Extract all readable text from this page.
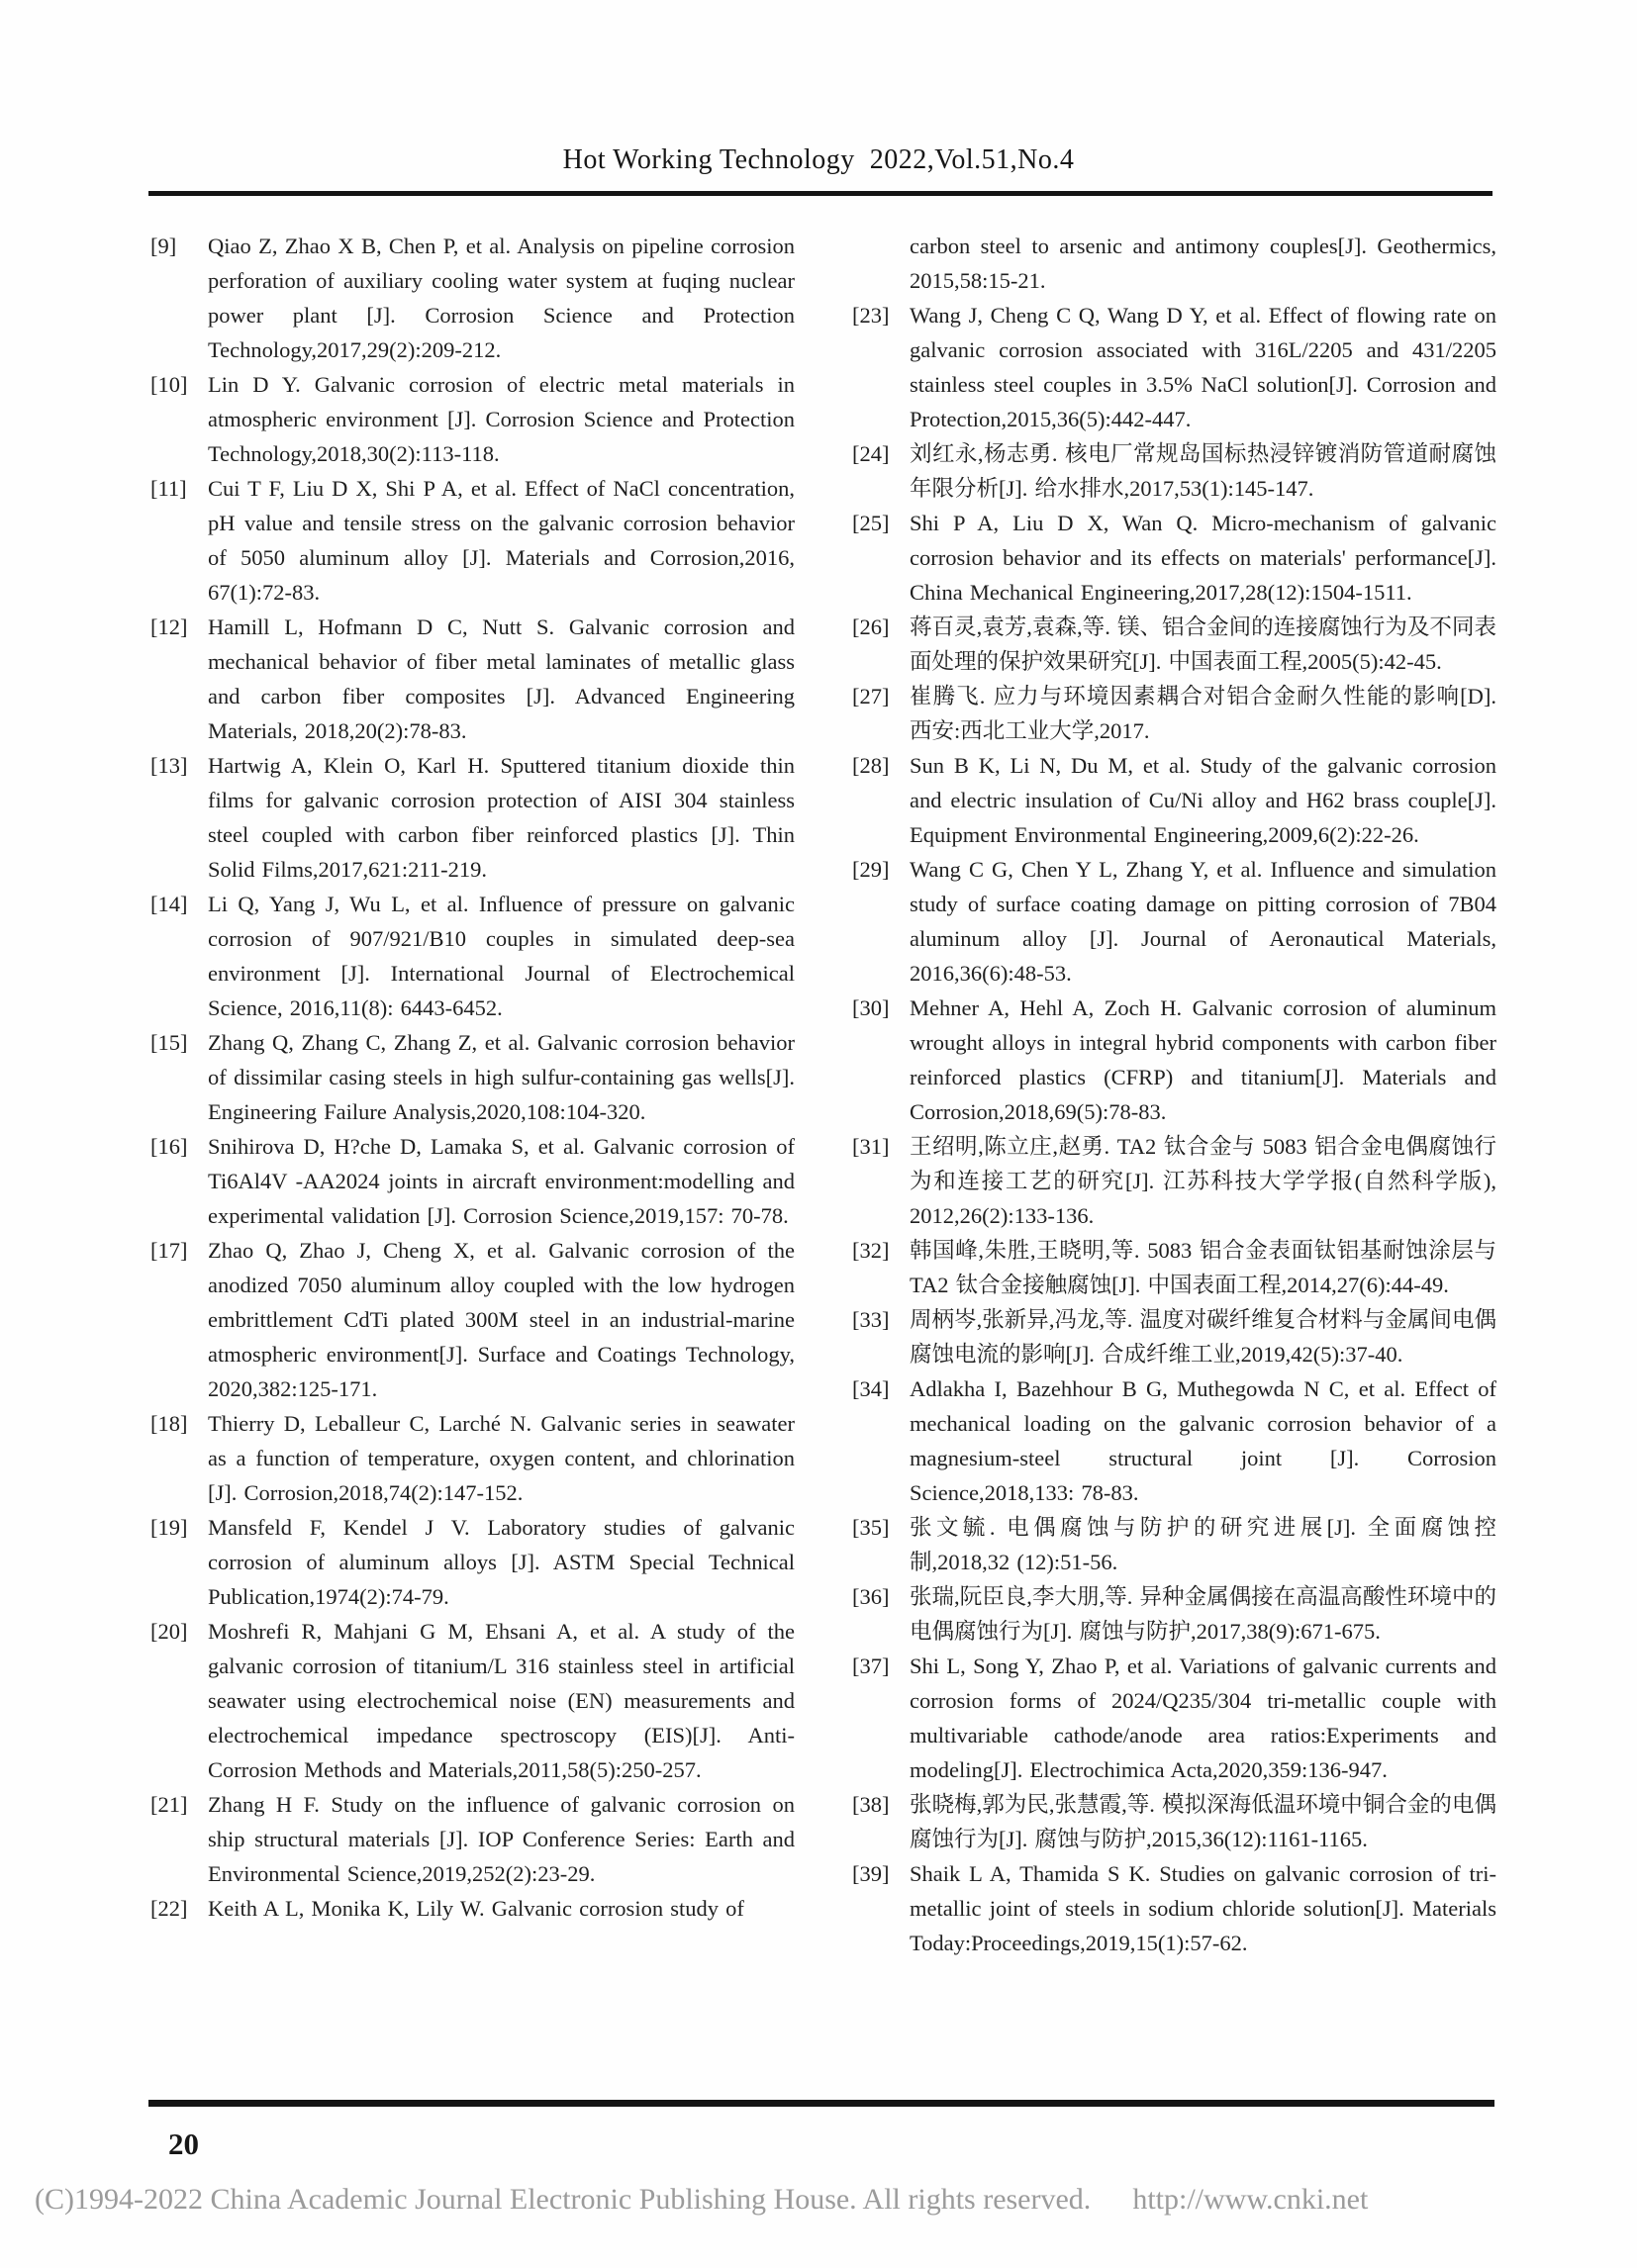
Hot Working Technology  2022,Vol.51,No.4
[9]	Qiao Z, Zhao X B, Chen P, et al. Analysis on pipeline corrosion perforation of auxiliary cooling water system at fuqing nuclear power plant [J]. Corrosion Science and Protection Technology,2017,29(2):209-212.
[10] Lin D Y. Galvanic corrosion of electric metal materials in atmospheric environment [J]. Corrosion Science and Protection Technology,2018,30(2):113-118.
[11] Cui T F, Liu D X, Shi P A, et al. Effect of NaCl concentration, pH value and tensile stress on the galvanic corrosion behavior of 5050 aluminum alloy [J]. Materials and Corrosion,2016, 67(1):72-83.
[12] Hamill L, Hofmann D C, Nutt S. Galvanic corrosion and mechanical behavior of fiber metal laminates of metallic glass and carbon fiber composites [J]. Advanced Engineering Materials, 2018,20(2):78-83.
[13] Hartwig A, Klein O, Karl H. Sputtered titanium dioxide thin films for galvanic corrosion protection of AISI 304 stainless steel coupled with carbon fiber reinforced plastics [J]. Thin Solid Films,2017,621:211-219.
[14] Li Q, Yang J, Wu L, et al. Influence of pressure on galvanic corrosion of 907/921/B10 couples in simulated deep-sea environment [J]. International Journal of Electrochemical Science, 2016,11(8): 6443-6452.
[15] Zhang Q, Zhang C, Zhang Z, et al. Galvanic corrosion behavior of dissimilar casing steels in high sulfur-containing gas wells[J]. Engineering Failure Analysis,2020,108:104-320.
[16] Snihirova D, H?che D, Lamaka S, et al. Galvanic corrosion of Ti6Al4V -AA2024 joints in aircraft environment:modelling and experimental validation [J]. Corrosion Science,2019,157: 70-78.
[17] Zhao Q, Zhao J, Cheng X, et al. Galvanic corrosion of the anodized 7050 aluminum alloy coupled with the low hydrogen embrittlement CdTi plated 300M steel in an industrial-marine atmospheric environment[J]. Surface and Coatings Technology, 2020,382:125-171.
[18] Thierry D, Leballeur C, Larché N. Galvanic series in seawater as a function of temperature, oxygen content, and chlorination [J]. Corrosion,2018,74(2):147-152.
[19] Mansfeld F, Kendel J V. Laboratory studies of galvanic corrosion of aluminum alloys [J]. ASTM Special Technical Publication,1974(2):74-79.
[20] Moshrefi R, Mahjani G M, Ehsani A, et al. A study of the galvanic corrosion of titanium/L 316 stainless steel in artificial seawater using electrochemical noise (EN) measurements and electrochemical impedance spectroscopy (EIS)[J]. Anti-Corrosion Methods and Materials,2011,58(5):250-257.
[21] Zhang H F. Study on the influence of galvanic corrosion on ship structural materials [J]. IOP Conference Series: Earth and Environmental Science,2019,252(2):23-29.
[22] Keith A L, Monika K, Lily W. Galvanic corrosion study of
carbon steel to arsenic and antimony couples[J]. Geothermics, 2015,58:15-21.
[23] Wang J, Cheng C Q, Wang D Y, et al. Effect of flowing rate on galvanic corrosion associated with 316L/2205 and 431/2205 stainless steel couples in 3.5% NaCl solution[J]. Corrosion and Protection,2015,36(5):442-447.
[24] 刘红永,杨志勇. 核电厂常规岛国标热浸锌镀消防管道耐腐蚀年限分析[J]. 给水排水,2017,53(1):145-147.
[25] Shi P A, Liu D X, Wan Q. Micro-mechanism of galvanic corrosion behavior and its effects on materials' performance[J]. China Mechanical Engineering,2017,28(12):1504-1511.
[26] 蒋百灵,袁芳,袁森,等. 镁、铝合金间的连接腐蚀行为及不同表面处理的保护效果研究[J]. 中国表面工程,2005(5):42-45.
[27] 崔腾飞. 应力与环境因素耦合对铝合金耐久性能的影响[D]. 西安:西北工业大学,2017.
[28] Sun B K, Li N, Du M, et al. Study of the galvanic corrosion and electric insulation of Cu/Ni alloy and H62 brass couple[J]. Equipment Environmental Engineering,2009,6(2):22-26.
[29] Wang C G, Chen Y L, Zhang Y, et al. Influence and simulation study of surface coating damage on pitting corrosion of 7B04 aluminum alloy [J]. Journal of Aeronautical Materials, 2016,36(6):48-53.
[30] Mehner A, Hehl A, Zoch H. Galvanic corrosion of aluminum wrought alloys in integral hybrid components with carbon fiber reinforced plastics (CFRP) and titanium[J]. Materials and Corrosion,2018,69(5):78-83.
[31] 王绍明,陈立庄,赵勇. TA2 钛合金与 5083 铝合金电偶腐蚀行为和连接工艺的研究[J]. 江苏科技大学学报(自然科学版), 2012,26(2):133-136.
[32] 韩国峰,朱胜,王晓明,等. 5083 铝合金表面钛铝基耐蚀涂层与 TA2 钛合金接触腐蚀[J]. 中国表面工程,2014,27(6):44-49.
[33] 周柄岑,张新异,冯龙,等. 温度对碳纤维复合材料与金属间电偶腐蚀电流的影响[J]. 合成纤维工业,2019,42(5):37-40.
[34] Adlakha I, Bazehhour B G, Muthegowda N C, et al. Effect of mechanical loading on the galvanic corrosion behavior of a magnesium-steel structural joint [J]. Corrosion Science,2018,133: 78-83.
[35] 张文毓. 电偶腐蚀与防护的研究进展[J]. 全面腐蚀控制,2018,32 (12):51-56.
[36] 张瑞,阮臣良,李大朋,等. 异种金属偶接在高温高酸性环境中的电偶腐蚀行为[J]. 腐蚀与防护,2017,38(9):671-675.
[37] Shi L, Song Y, Zhao P, et al. Variations of galvanic currents and corrosion forms of 2024/Q235/304 tri-metallic couple with multivariable cathode/anode area ratios:Experiments and modeling[J]. Electrochimica Acta,2020,359:136-947.
[38] 张晓梅,郭为民,张慧霞,等. 模拟深海低温环境中铜合金的电偶腐蚀行为[J]. 腐蚀与防护,2015,36(12):1161-1165.
[39] Shaik L A, Thamida S K. Studies on galvanic corrosion of tri-metallic joint of steels in sodium chloride solution[J]. Materials Today:Proceedings,2019,15(1):57-62.
20
(C)1994-2022 China Academic Journal Electronic Publishing House. All rights reserved. http://www.cnki.net
